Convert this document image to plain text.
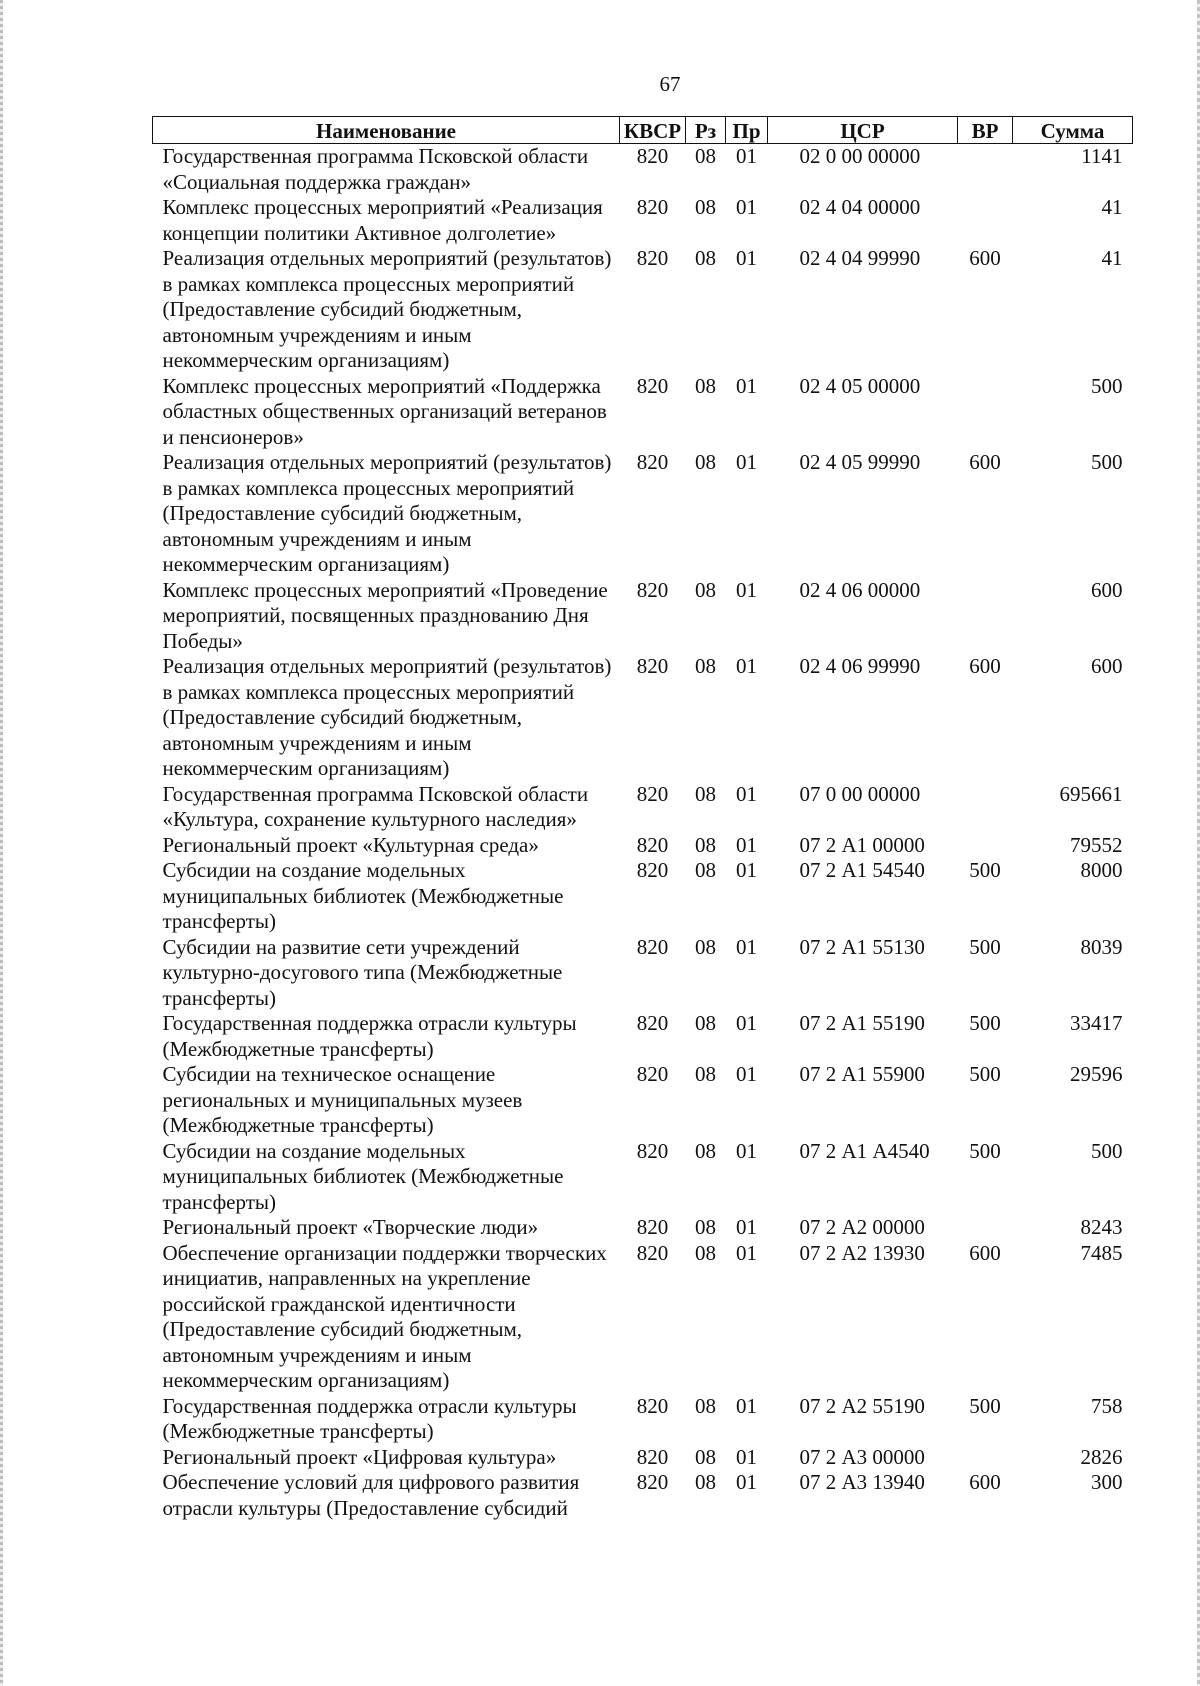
67
Наименование	КВСР	Рз	Пр	ЦСР	ВР	Сумма
Государственная программа Псковской области «Социальная поддержка граждан»	820	08	01	02 0 00 00000		1141
Комплекс процессных мероприятий «Реализация концепции политики Активное долголетие»	820	08	01	02 4 04 00000		41
Реализация отдельных мероприятий (результатов) в рамках комплекса процессных мероприятий (Предоставление субсидий бюджетным, автономным учреждениям и иным некоммерческим организациям)	820	08	01	02 4 04 99990	600	41
Комплекс процессных мероприятий «Поддержка областных общественных организаций ветеранов и пенсионеров»	820	08	01	02 4 05 00000		500
Реализация отдельных мероприятий (результатов) в рамках комплекса процессных мероприятий (Предоставление субсидий бюджетным, автономным учреждениям и иным некоммерческим организациям)	820	08	01	02 4 05 99990	600	500
Комплекс процессных мероприятий «Проведение мероприятий, посвященных празднованию Дня Победы»	820	08	01	02 4 06 00000		600
Реализация отдельных мероприятий (результатов) в рамках комплекса процессных мероприятий (Предоставление субсидий бюджетным, автономным учреждениям и иным некоммерческим организациям)	820	08	01	02 4 06 99990	600	600
Государственная программа Псковской области «Культура, сохранение культурного наследия»	820	08	01	07 0 00 00000		695661
Региональный проект «Культурная среда»	820	08	01	07 2 А1 00000		79552
Субсидии на создание модельных муниципальных библиотек (Межбюджетные трансферты)	820	08	01	07 2 А1 54540	500	8000
Субсидии на развитие сети учреждений культурно-досугового типа (Межбюджетные трансферты)	820	08	01	07 2 А1 55130	500	8039
Государственная поддержка отрасли культуры (Межбюджетные трансферты)	820	08	01	07 2 А1 55190	500	33417
Субсидии на техническое оснащение региональных и муниципальных музеев (Межбюджетные трансферты)	820	08	01	07 2 А1 55900	500	29596
Субсидии на создание модельных муниципальных библиотек (Межбюджетные трансферты)	820	08	01	07 2 А1 А4540	500	500
Региональный проект «Творческие люди»	820	08	01	07 2 А2 00000		8243
Обеспечение организации поддержки творческих инициатив, направленных на укрепление российской гражданской идентичности (Предоставление субсидий бюджетным, автономным учреждениям и иным некоммерческим организациям)	820	08	01	07 2 А2 13930	600	7485
Государственная поддержка отрасли культуры (Межбюджетные трансферты)	820	08	01	07 2 А2 55190	500	758
Региональный проект «Цифровая культура»	820	08	01	07 2 А3 00000		2826
Обеспечение условий для цифрового развития отрасли культуры (Предоставление субсидий	820	08	01	07 2 А3 13940	600	300
